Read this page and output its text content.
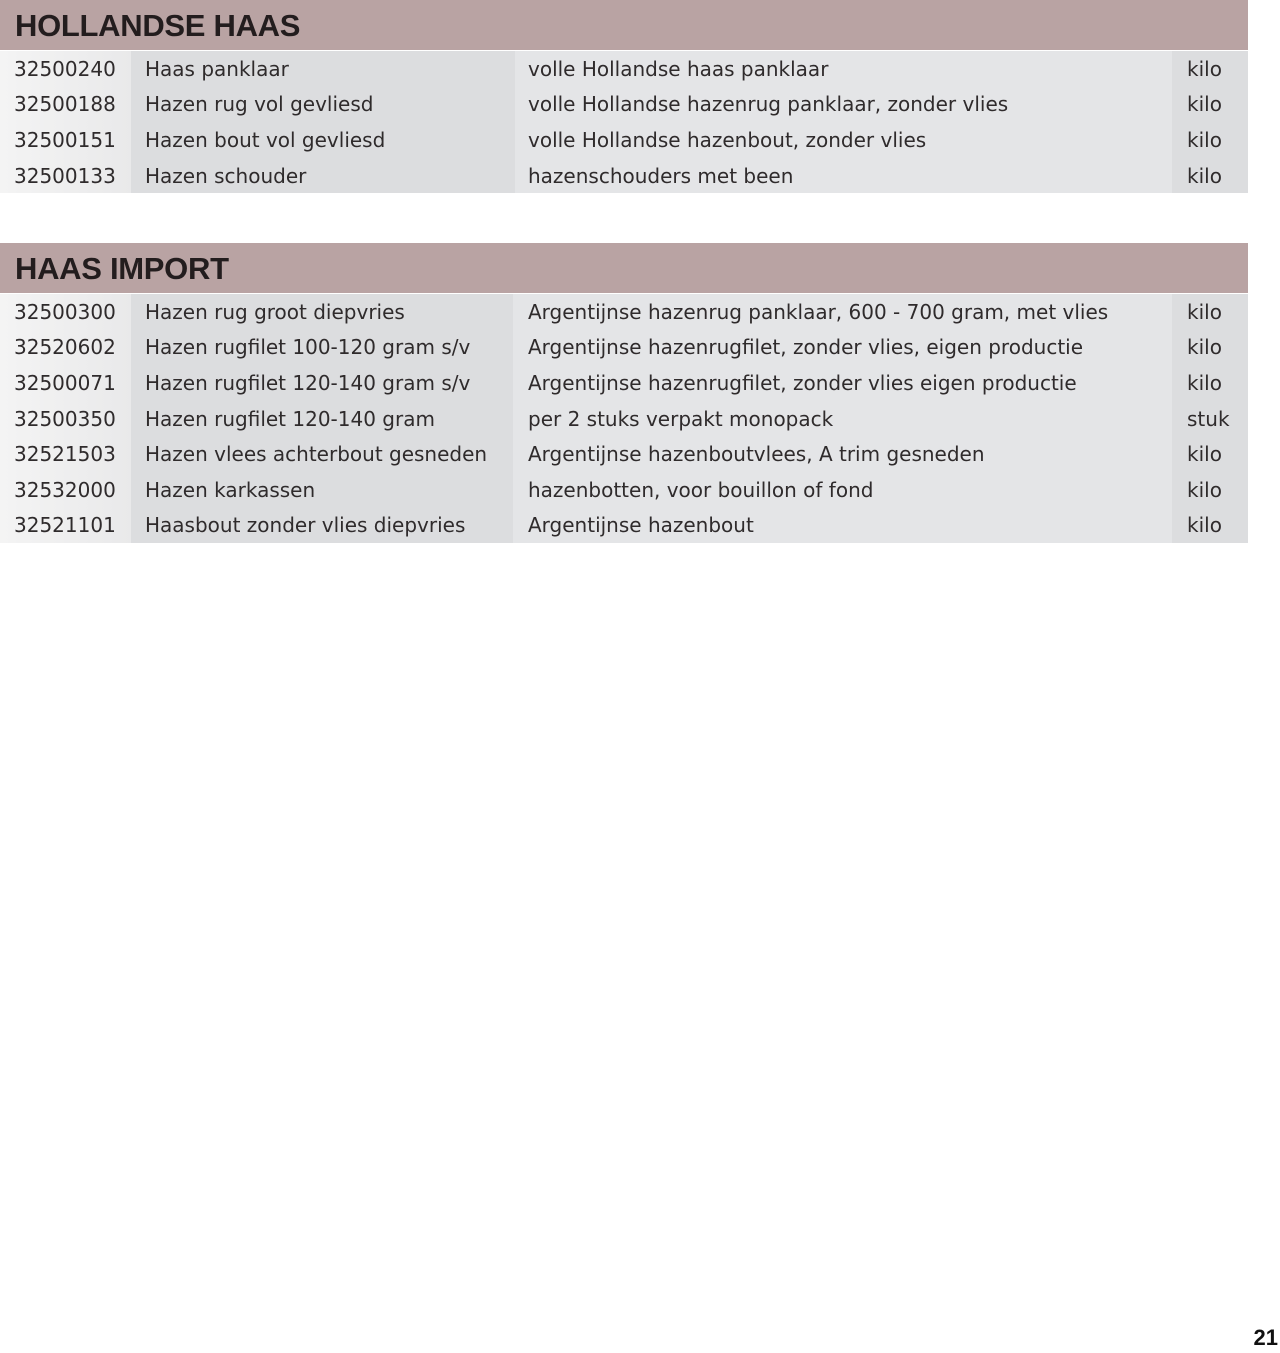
HOLLANDSE HAAS
32500240	Haas panklaar	volle Hollandse haas panklaar	kilo
32500188	Hazen rug vol gevliesd	volle Hollandse hazenrug panklaar, zonder vlies	kilo
32500151	Hazen bout vol gevliesd	volle Hollandse hazenbout, zonder vlies	kilo
32500133	Hazen schouder	hazenschouders met been	kilo
HAAS IMPORT
32500300	Hazen rug groot diepvries	Argentijnse hazenrug panklaar, 600 - 700 gram, met vlies	kilo
32520602	Hazen rugfilet 100-120 gram s/v	Argentijnse hazenrugfilet, zonder vlies, eigen productie	kilo
32500071	Hazen rugfilet 120-140 gram s/v	Argentijnse hazenrugfilet, zonder vlies eigen productie	kilo
32500350	Hazen rugfilet 120-140 gram	per 2 stuks verpakt monopack	stuk
32521503	Hazen vlees achterbout gesneden	Argentijnse hazenboutvlees, A trim gesneden	kilo
32532000	Hazen karkassen	hazenbotten, voor bouillon of fond	kilo
32521101	Haasbout zonder vlies diepvries	Argentijnse hazenbout	kilo
21
